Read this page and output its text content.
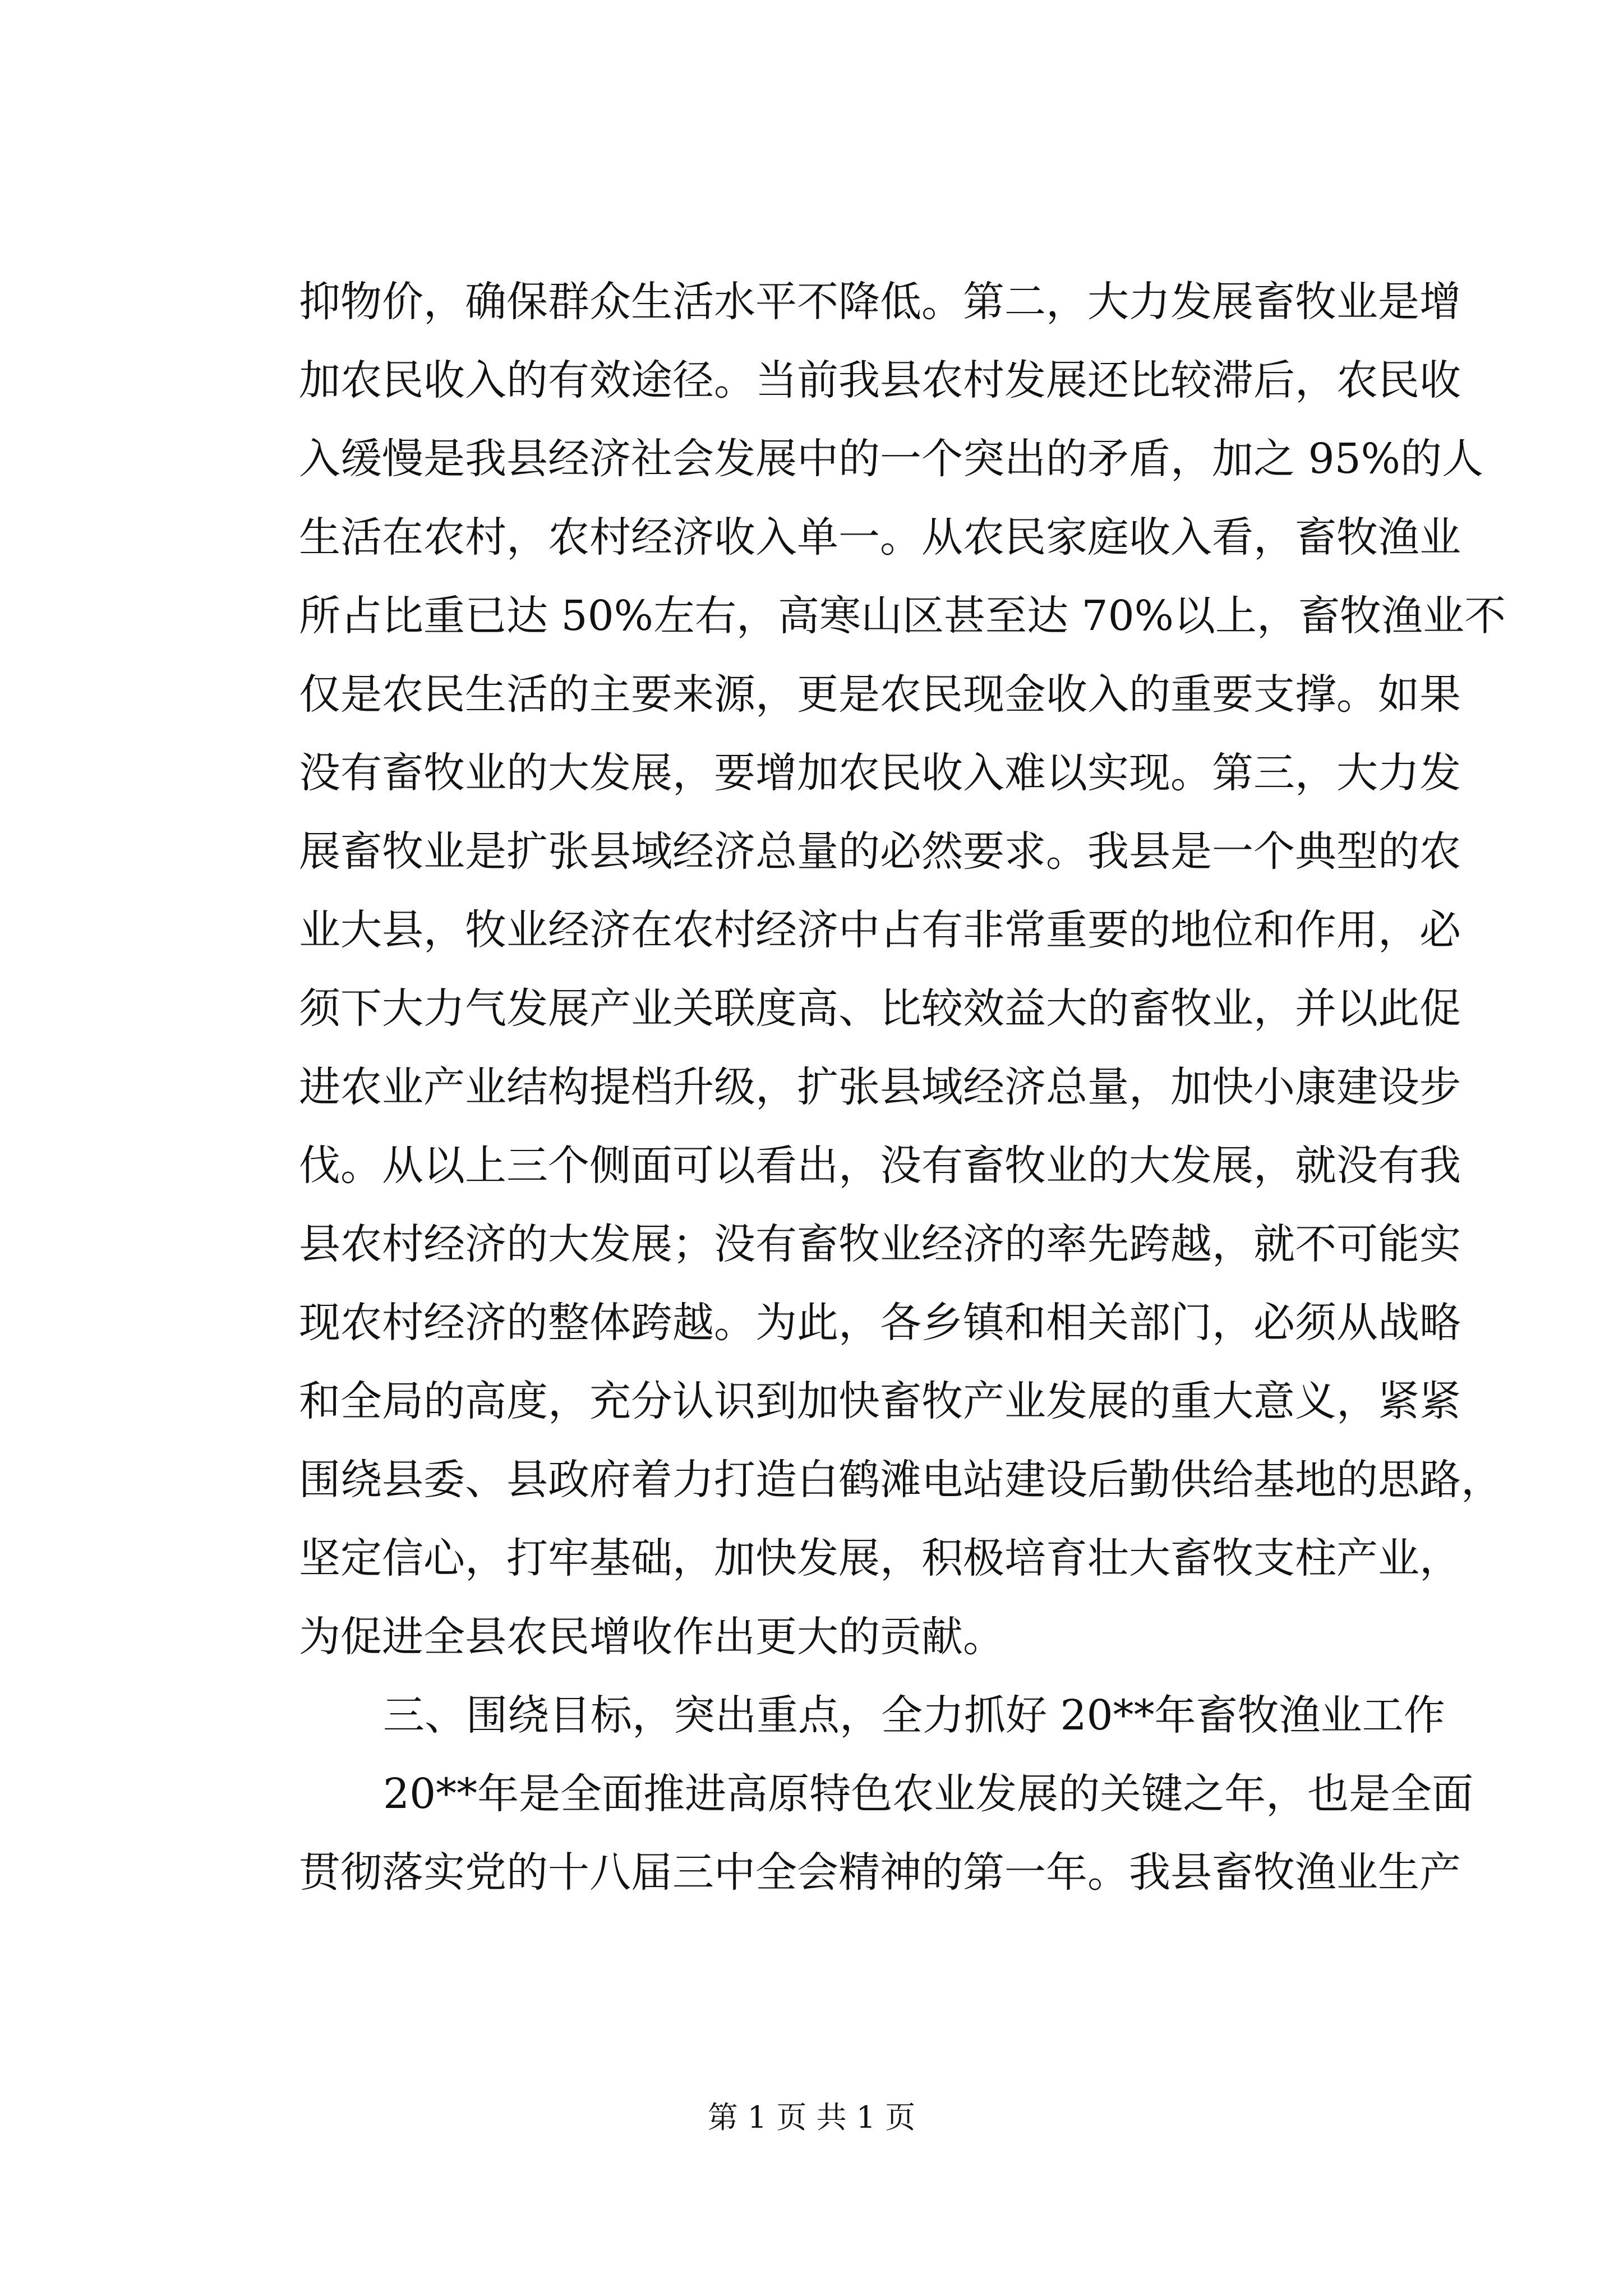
抑物价，确保群众生活水平不降低。第二，大力发展畜牧业是增
加农民收入的有效途径。当前我县农村发展还比较滞后，农民收
入缓慢是我县经济社会发展中的一个突出的矛盾，加之 95%的人
生活在农村，农村经济收入单一。从农民家庭收入看，畜牧渔业
所占比重已达 50%左右，高寒山区甚至达 70%以上，畜牧渔业不
仅是农民生活的主要来源，更是农民现金收入的重要支撑。如果
没有畜牧业的大发展，要增加农民收入难以实现。第三，大力发
展畜牧业是扩张县域经济总量的必然要求。我县是一个典型的农
业大县，牧业经济在农村经济中占有非常重要的地位和作用，必
须下大力气发展产业关联度高、比较效益大的畜牧业，并以此促
进农业产业结构提档升级，扩张县域经济总量，加快小康建设步
伐。从以上三个侧面可以看出，没有畜牧业的大发展，就没有我
县农村经济的大发展；没有畜牧业经济的率先跨越，就不可能实
现农村经济的整体跨越。为此，各乡镇和相关部门，必须从战略
和全局的高度，充分认识到加快畜牧产业发展的重大意义，紧紧
围绕县委、县政府着力打造白鹤滩电站建设后勤供给基地的思路，
坚定信心，打牢基础，加快发展，积极培育壮大畜牧支柱产业，
为促进全县农民增收作出更大的贡献。
三、围绕目标，突出重点，全力抓好 20**年畜牧渔业工作
20**年是全面推进高原特色农业发展的关键之年，也是全面
贯彻落实党的十八届三中全会精神的第一年。我县畜牧渔业生产
第 1 页 共 1 页
